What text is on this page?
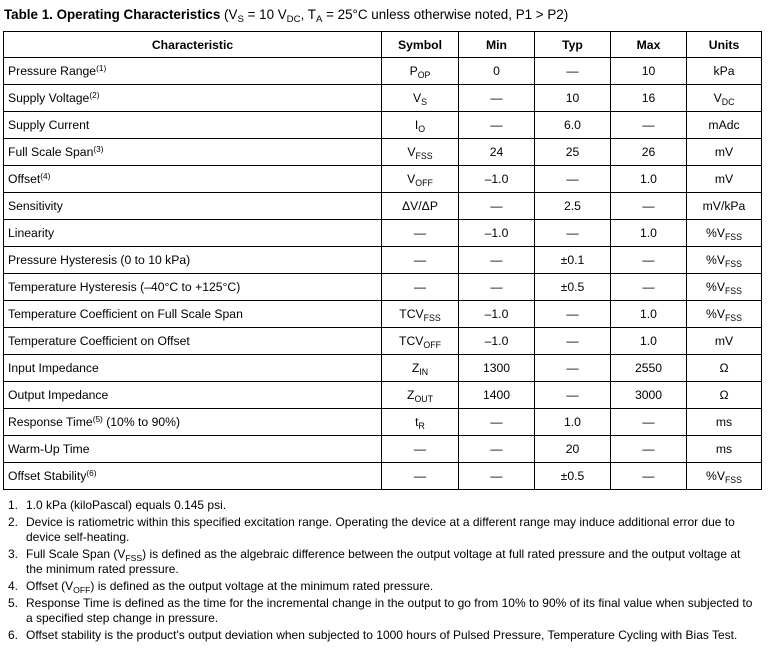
Table 1. Operating Characteristics ($V_S = 10$ $V_{DC}$, $T_A = 25^\circ C$ unless otherwise noted, P1 > P2)
Characteristic	Symbol	Min	Typ	Max	Units
Pressure Range$^{(1)}$	$P_{OP}$	0	—	10	kPa
Supply Voltage$^{(2)}$	$V_S$	—	10	16	$V_{DC}$
Supply Current	$I_O$	—	6.0	—	mAdc
Full Scale Span$^{(3)}$	$V_{FSS}$	24	25	26	mV
Offset$^{(4)}$	$V_{OFF}$	–1.0	—	1.0	mV
Sensitivity	ΔV/ΔP	—	2.5	—	mV/kPa
Linearity	—	–1.0	—	1.0	$\%V_{FSS}$
Pressure Hysteresis (0 to 10 kPa)	—	—	±0.1	—	$\%V_{FSS}$
Temperature Hysteresis (–40°C to +125°C)	—	—	±0.5	—	$\%V_{FSS}$
Temperature Coefficient on Full Scale Span	$TCV_{FSS}$	–1.0	—	1.0	$\%V_{FSS}$
Temperature Coefficient on Offset	$TCV_{OFF}$	–1.0	—	1.0	mV
Input Impedance	$Z_{IN}$	1300	—	2550	Ω
Output Impedance	$Z_{OUT}$	1400	—	3000	Ω
Response Time$^{(5)}$ (10% to 90%)	$t_R$	—	1.0	—	ms
Warm-Up Time	—	—	20	—	ms
Offset Stability$^{(6)}$	—	—	±0.5	—	$\%V_{FSS}$
1. 1.0 kPa (kiloPascal) equals 0.145 psi.
2. Device is ratiometric within this specified excitation range. Operating the device at a different range may induce additional error due to device self-heating.
3. Full Scale Span $(V_{FSS})$ is defined as the algebraic difference between the output voltage at full rated pressure and the output voltage at the minimum rated pressure.
4. Offset $(V_{OFF})$ is defined as the output voltage at the minimum rated pressure.
5. Response Time is defined as the time for the incremental change in the output to go from 10% to 90% of its final value when subjected to a specified step change in pressure.
6. Offset stability is the product's output deviation when subjected to 1000 hours of Pulsed Pressure, Temperature Cycling with Bias Test.
